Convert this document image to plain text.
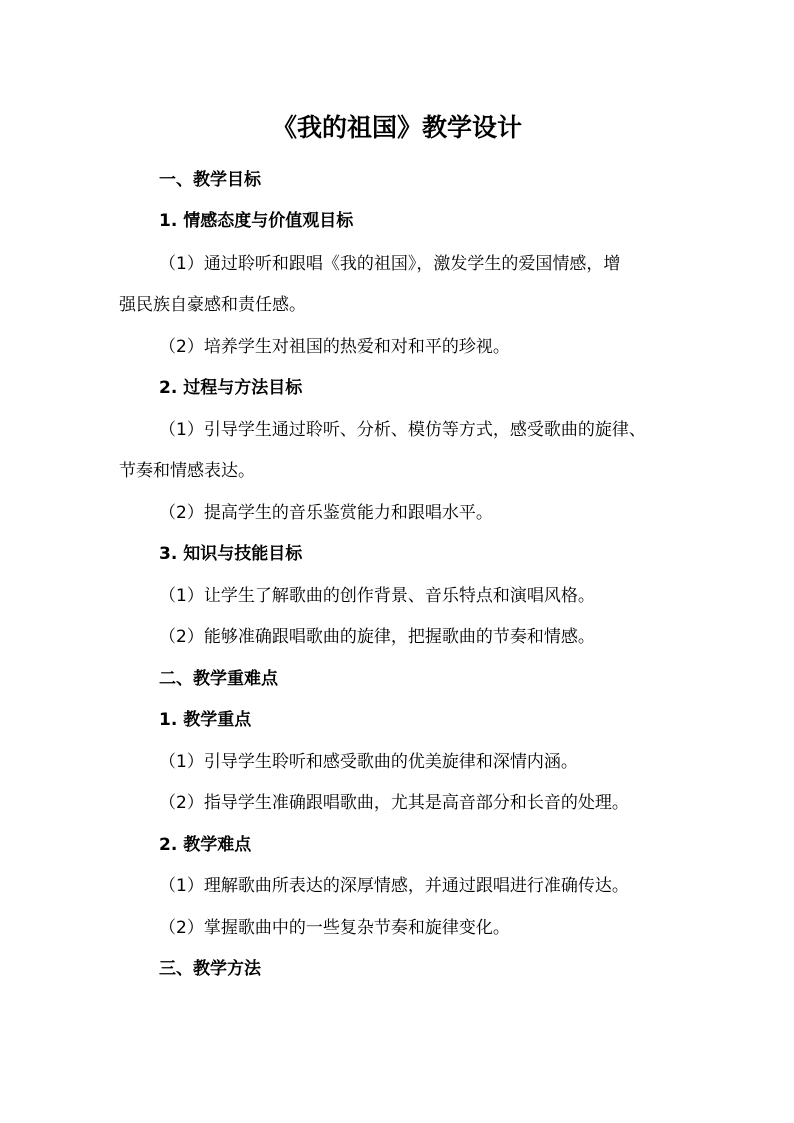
《我的祖国》教学设计
一、教学目标
1. 情感态度与价值观目标
（1）通过聆听和跟唱《我的祖国》，激发学生的爱国情感，增
强民族自豪感和责任感。
（2）培养学生对祖国的热爱和对和平的珍视。
2. 过程与方法目标
（1）引导学生通过聆听、分析、模仿等方式，感受歌曲的旋律、
节奏和情感表达。
（2）提高学生的音乐鉴赏能力和跟唱水平。
3. 知识与技能目标
（1）让学生了解歌曲的创作背景、音乐特点和演唱风格。
（2）能够准确跟唱歌曲的旋律，把握歌曲的节奏和情感。
二、教学重难点
1. 教学重点
（1）引导学生聆听和感受歌曲的优美旋律和深情内涵。
（2）指导学生准确跟唱歌曲，尤其是高音部分和长音的处理。
2. 教学难点
（1）理解歌曲所表达的深厚情感，并通过跟唱进行准确传达。
（2）掌握歌曲中的一些复杂节奏和旋律变化。
三、教学方法
